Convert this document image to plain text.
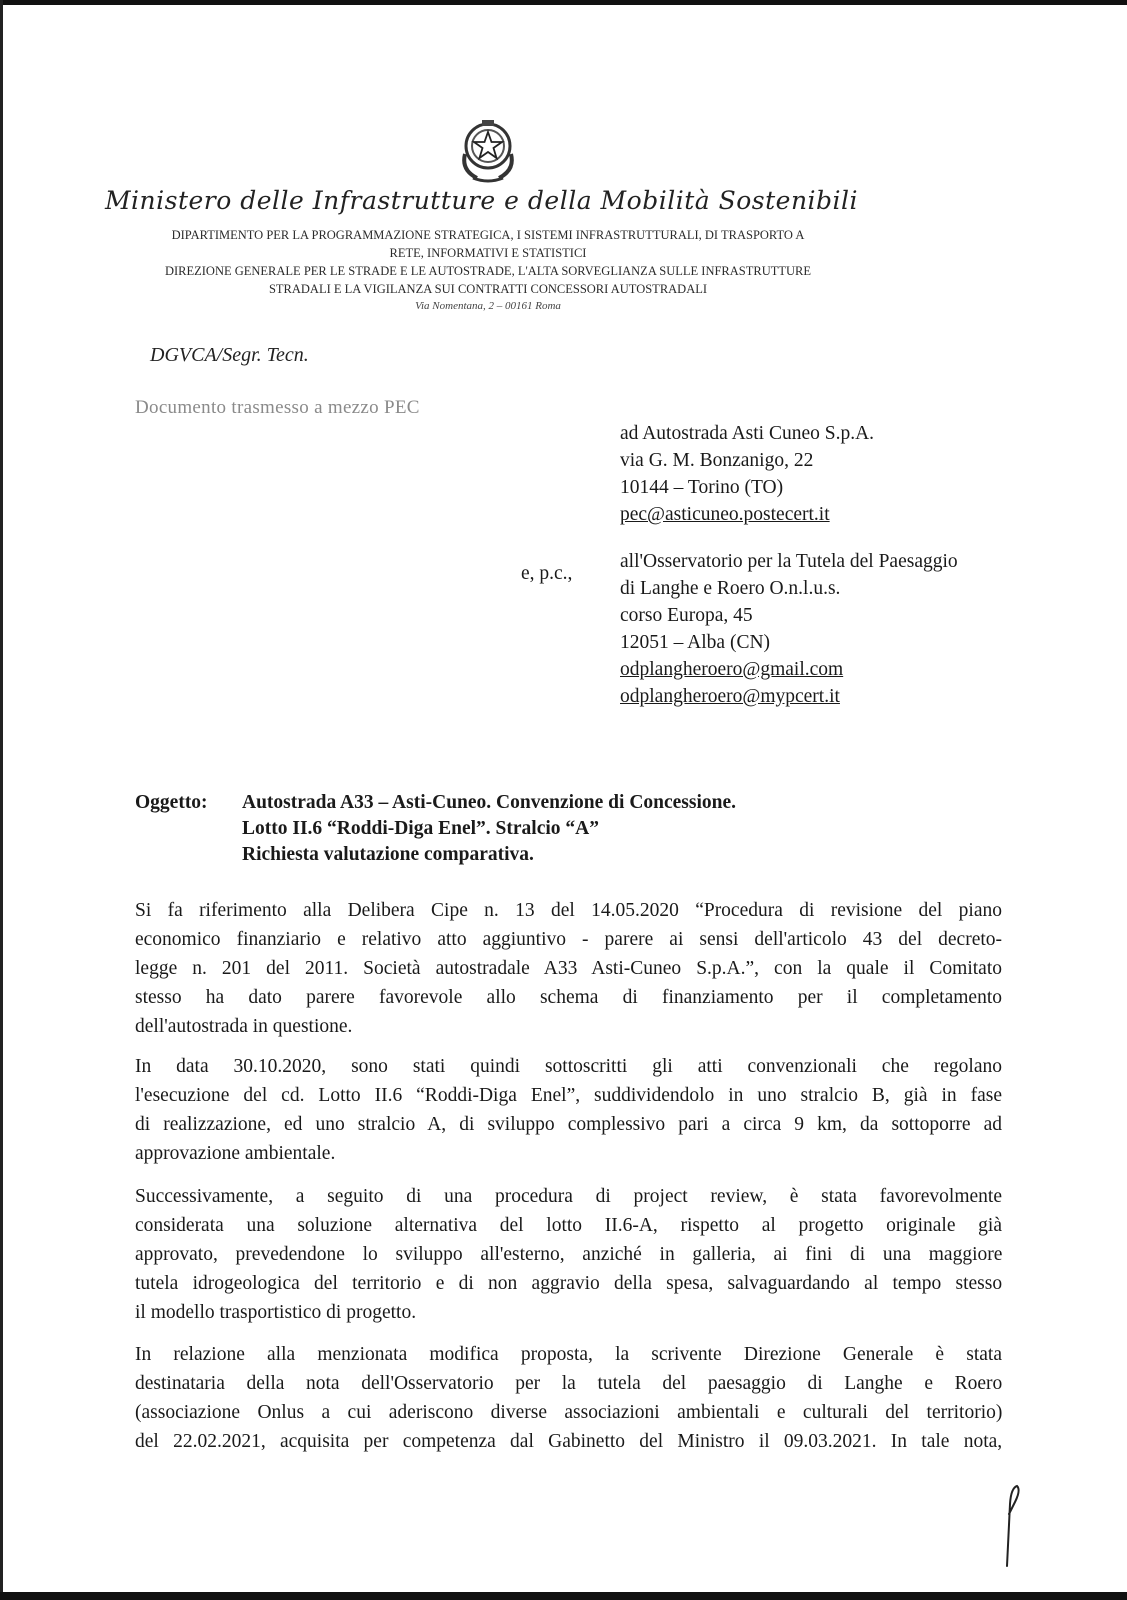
Ministero delle Infrastrutture e della Mobilità Sostenibili
DIPARTIMENTO PER LA PROGRAMMAZIONE STRATEGICA, I SISTEMI INFRASTRUTTURALI, DI TRASPORTO A
RETE, INFORMATIVI E STATISTICI
DIREZIONE GENERALE PER LE STRADE E LE AUTOSTRADE, L'ALTA SORVEGLIANZA SULLE INFRASTRUTTURE
STRADALI E LA VIGILANZA SUI CONTRATTI CONCESSORI AUTOSTRADALI
Via Nomentana, 2 – 00161 Roma
DGVCA/Segr. Tecn.
Documento trasmesso a mezzo PEC
ad Autostrada Asti Cuneo S.p.A.
via G. M. Bonzanigo, 22
10144 – Torino (TO)
pec@asticuneo.postecert.it
e, p.c.,
all'Osservatorio per la Tutela del Paesaggio
di Langhe e Roero O.n.l.u.s.
corso Europa, 45
12051 – Alba (CN)
odplangheroero@gmail.com
odplangheroero@mypcert.it
Oggetto: Autostrada A33 – Asti-Cuneo. Convenzione di Concessione.
Lotto II.6 “Roddi-Diga Enel”. Stralcio “A”
Richiesta valutazione comparativa.
Si fa riferimento alla Delibera Cipe n. 13 del 14.05.2020 “Procedura di revisione del piano
economico finanziario e relativo atto aggiuntivo - parere ai sensi dell'articolo 43 del decreto-
legge n. 201 del 2011. Società autostradale A33 Asti-Cuneo S.p.A.”, con la quale il Comitato
stesso ha dato parere favorevole allo schema di finanziamento per il completamento
dell'autostrada in questione.
In data 30.10.2020, sono stati quindi sottoscritti gli atti convenzionali che regolano
l'esecuzione del cd. Lotto II.6 “Roddi-Diga Enel”, suddividendolo in uno stralcio B, già in fase
di realizzazione, ed uno stralcio A, di sviluppo complessivo pari a circa 9 km, da sottoporre ad
approvazione ambientale.
Successivamente, a seguito di una procedura di project review, è stata favorevolmente
considerata una soluzione alternativa del lotto II.6-A, rispetto al progetto originale già
approvato, prevedendone lo sviluppo all'esterno, anziché in galleria, ai fini di una maggiore
tutela idrogeologica del territorio e di non aggravio della spesa, salvaguardando al tempo stesso
il modello trasportistico di progetto.
In relazione alla menzionata modifica proposta, la scrivente Direzione Generale è stata
destinataria della nota dell'Osservatorio per la tutela del paesaggio di Langhe e Roero
(associazione Onlus a cui aderiscono diverse associazioni ambientali e culturali del territorio)
del 22.02.2021, acquisita per competenza dal Gabinetto del Ministro il 09.03.2021. In tale nota,
